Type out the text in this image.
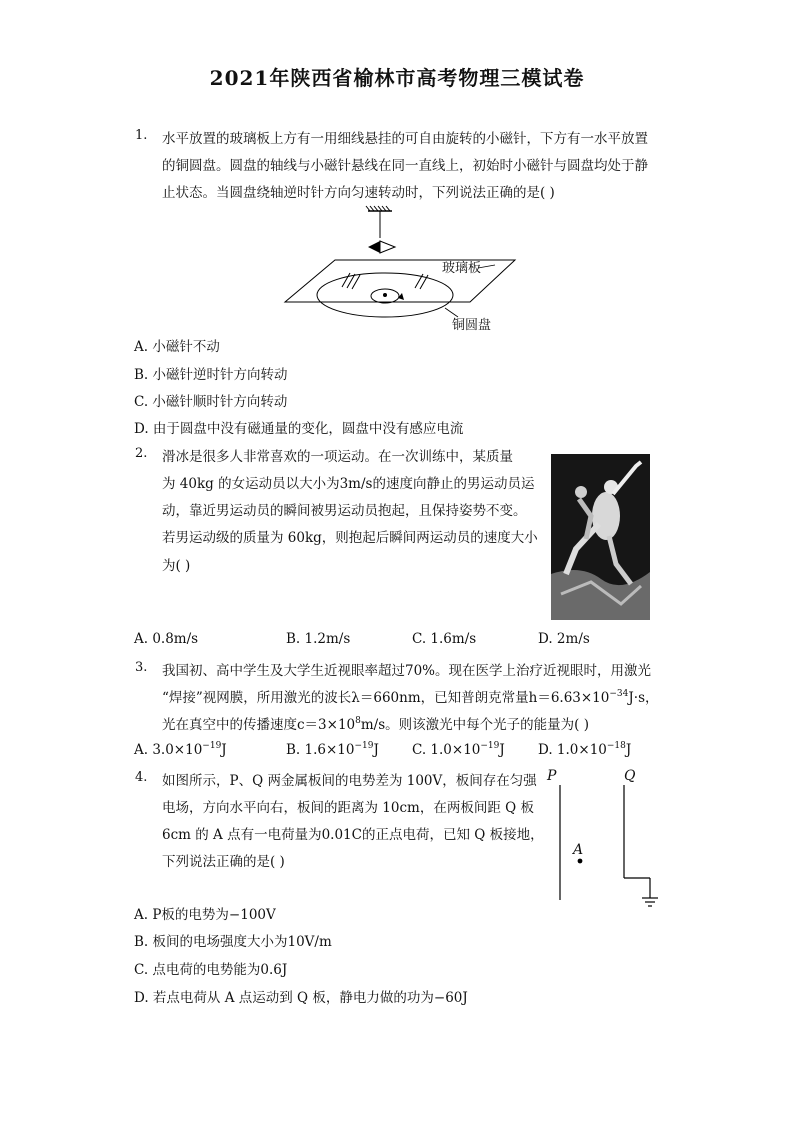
2021年陕西省榆林市高考物理三模试卷
1. 水平放置的玻璃板上方有一用细线悬挂的可自由旋转的小磁针，下方有一水平放置
的铜圆盘。圆盘的轴线与小磁针悬线在同一直线上，初始时小磁针与圆盘均处于静
止状态。当圆盘绕轴逆时针方向匀速转动时，下列说法正确的是( )
玻璃板
铜圆盘
A. 小磁针不动
B. 小磁针逆时针方向转动
C. 小磁针顺时针方向转动
D. 由于圆盘中没有磁通量的变化，圆盘中没有感应电流
2. 滑冰是很多人非常喜欢的一项运动。在一次训练中，某质量
为 40kg 的女运动员以大小为3m/s的速度向静止的男运动员运
动，靠近男运动员的瞬间被男运动员抱起，且保持姿势不变。
若男运动级的质量为 60kg，则抱起后瞬间两运动员的速度大小
为( )
A. 0.8m/s	B. 1.2m/s	C. 1.6m/s	D. 2m/s
3. 我国初、高中学生及大学生近视眼率超过70%。现在医学上治疗近视眼时，用激光
“焊接”视网膜，所用激光的波长λ＝660nm，已知普朗克常量$h=6.63\times 10^{-34}J\cdot s$，
光在真空中的传播速度$c=3\times 10^8m/s$。则该激光中每个光子的能量为( )
A. $3.0\times 10^{-19}J$	B. $1.6\times 10^{-19}J$ C. $1.0\times 10^{-19}J$ D. $1.0\times 10^{-18}J$
4. 如图所示，P、Q 两金属板间的电势差为 100V，板间存在匀强
电场，方向水平向右，板间的距离为 10cm，在两板间距 Q 板
6cm 的 A 点有一电荷量为0.01C的正点电荷，已知 Q 板接地，
下列说法正确的是( )
P	Q
A
A. P板的电势为−100V
B. 板间的电场强度大小为10V/m
C. 点电荷的电势能为0.6J
D. 若点电荷从 A 点运动到 Q 板，静电力做的功为−60J
